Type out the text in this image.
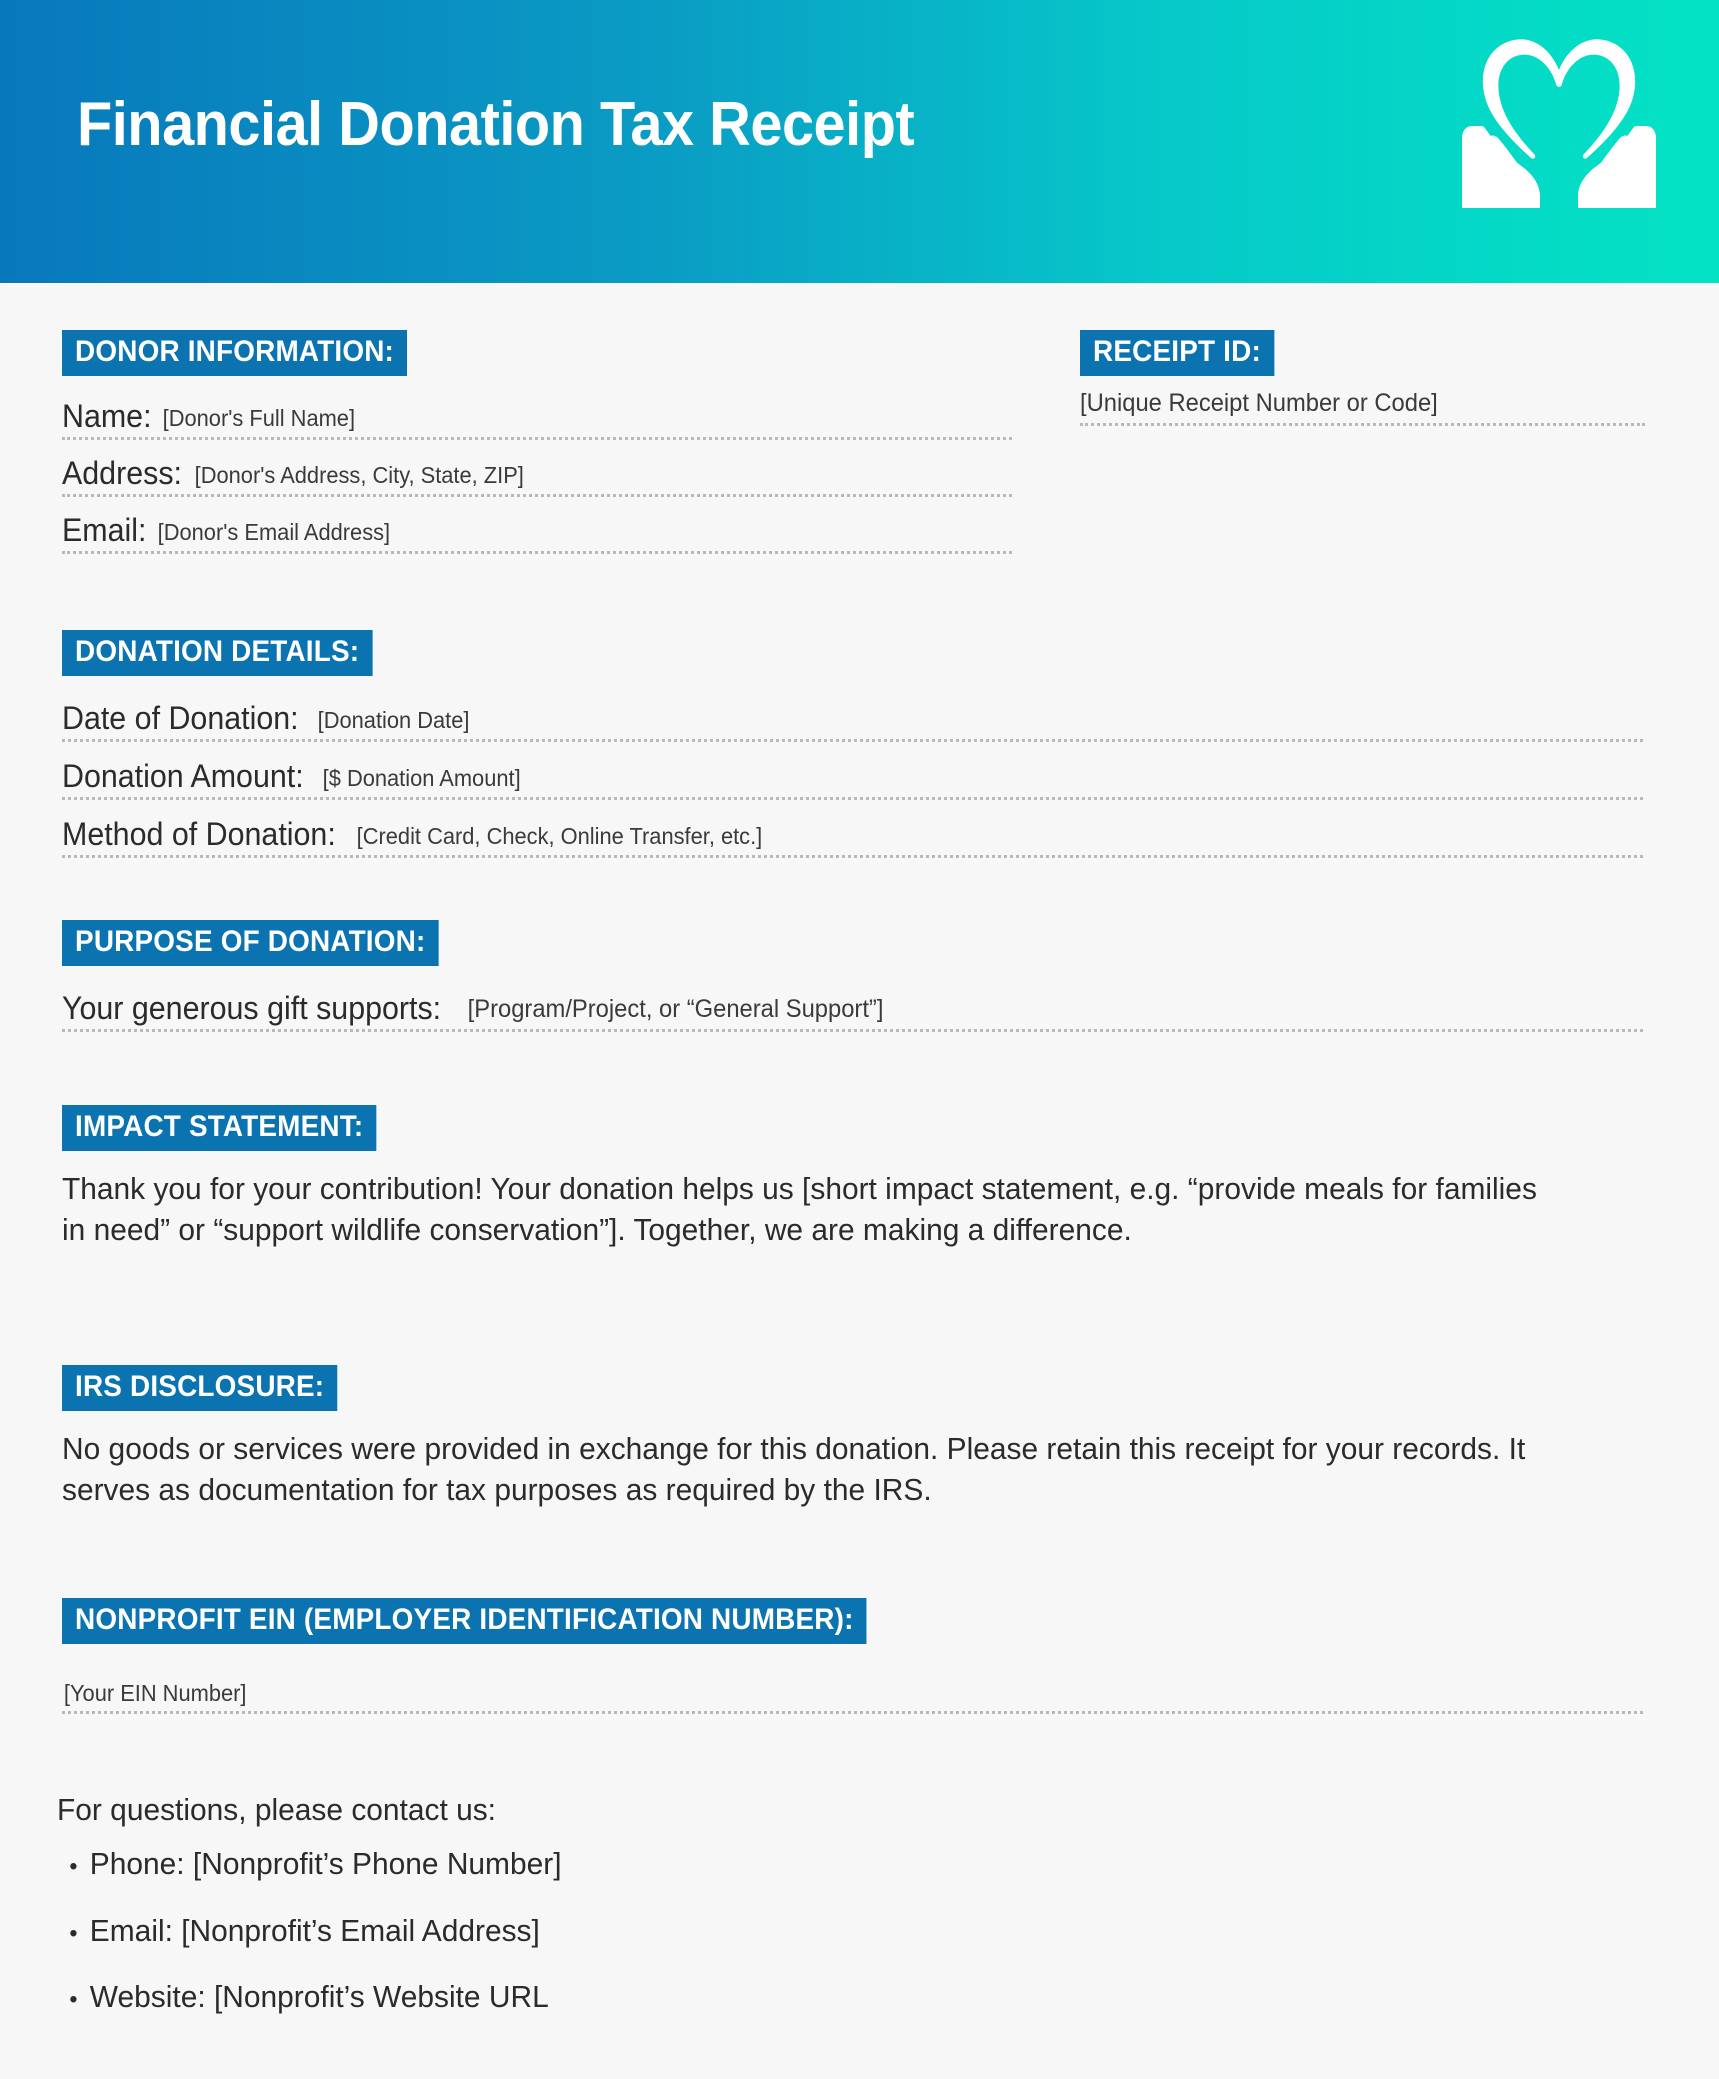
Financial Donation Tax Receipt
DONOR INFORMATION:
Name: [Donor's Full Name]
Address: [Donor's Address, City, State, ZIP]
Email: [Donor's Email Address]
RECEIPT ID:
[Unique Receipt Number or Code]
DONATION DETAILS:
Date of Donation: [Donation Date]
Donation Amount: [$ Donation Amount]
Method of Donation: [Credit Card, Check, Online Transfer, etc.]
PURPOSE OF DONATION:
Your generous gift supports: [Program/Project, or “General Support”]
IMPACT STATEMENT:

Thank you for your contribution! Your donation helps us [short impact statement, e.g. “provide meals for families in need” or “support wildlife conservation”]. Together, we are making a difference.

IRS DISCLOSURE:

No goods or services were provided in exchange for this donation. Please retain this receipt for your records. It serves as documentation for tax purposes as required by the IRS.

NONPROFIT EIN (EMPLOYER IDENTIFICATION NUMBER):
[Your EIN Number]
For questions, please contact us:
• Phone: [Nonprofit’s Phone Number]
• Email: [Nonprofit’s Email Address]
• Website: [Nonprofit’s Website URL
